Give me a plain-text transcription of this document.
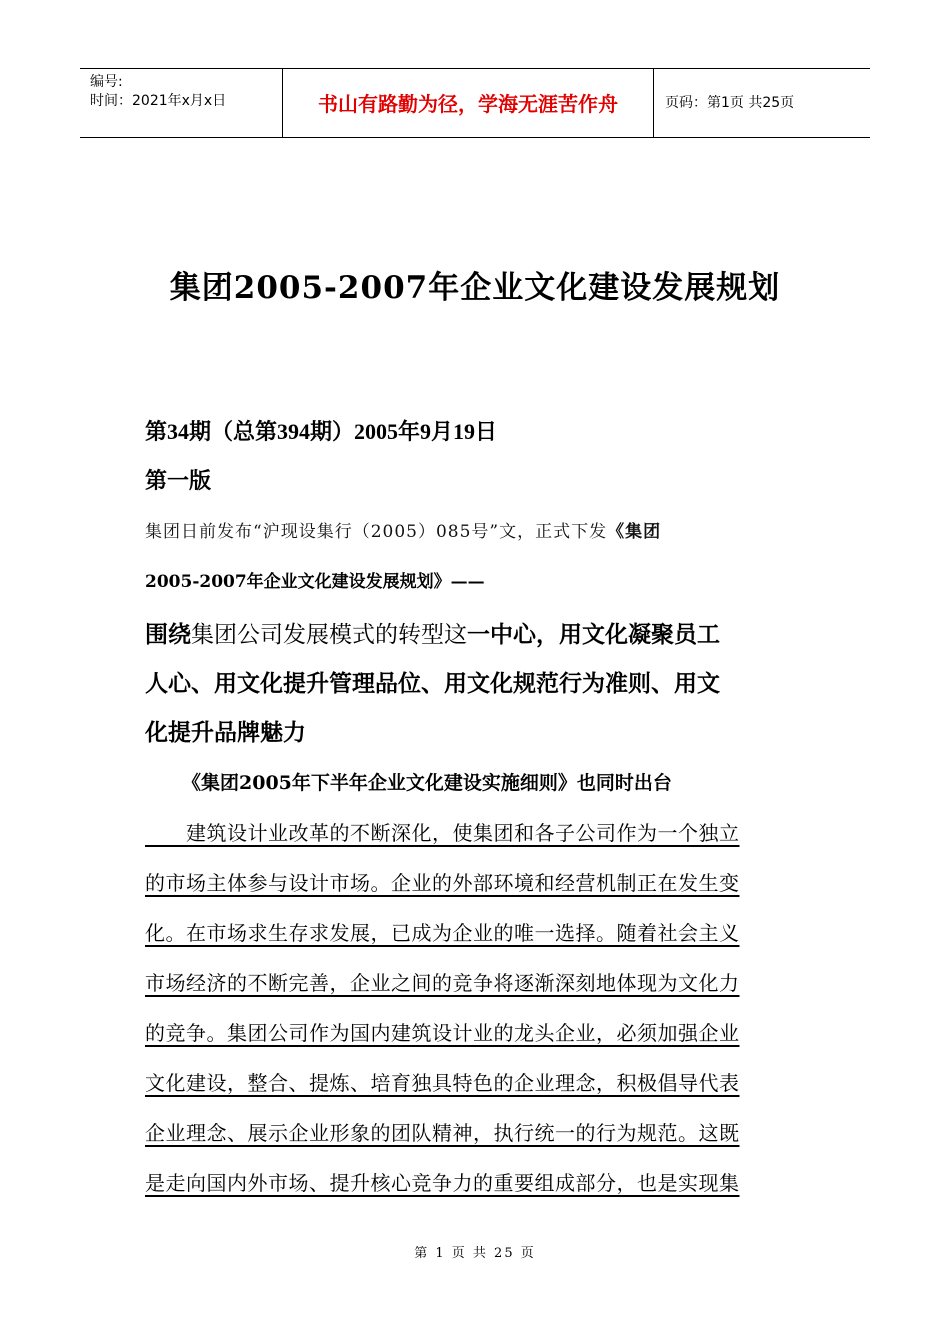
编号:
时间：2021年x月x日	书山有路勤为径，学海无涯苦作舟	页码：第1页 共25页
集团2005-2007年企业文化建设发展规划
第34期（总第394期）2005年9月19日
第一版
集团日前发布“沪现设集行（2005）085号”文，正式下发《集团
2005-2007年企业文化建设发展规划》——
围绕集团公司发展模式的转型这一中心，用文化凝聚员工
人心、用文化提升管理品位、用文化规范行为准则、用文
化提升品牌魅力
《集团2005年下半年企业文化建设实施细则》也同时出台
　　建筑设计业改革的不断深化，使集团和各子公司作为一个独立
的市场主体参与设计市场。企业的外部环境和经营机制正在发生变
化。在市场求生存求发展，已成为企业的唯一选择。随着社会主义
市场经济的不断完善，企业之间的竞争将逐渐深刻地体现为文化力
的竞争。集团公司作为国内建筑设计业的龙头企业，必须加强企业
文化建设，整合、提炼、培育独具特色的企业理念，积极倡导代表
企业理念、展示企业形象的团队精神，执行统一的行为规范。这既
是走向国内外市场、提升核心竞争力的重要组成部分，也是实现集
第 1 页 共 25 页
